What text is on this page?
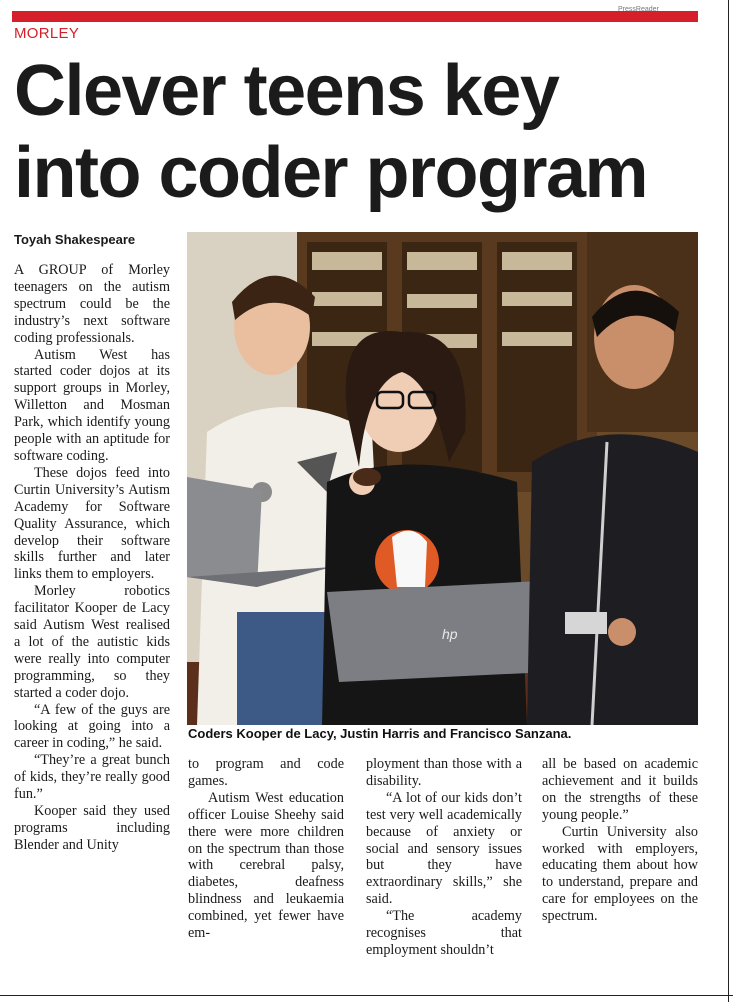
PressReader
MORLEY
Clever teens key
into coder program
Toyah Shakespeare

A GROUP of Morley teenagers on the autism spectrum could be the industry’s next software coding professionals.

Autism West has started coder dojos at its support groups in Morley, Willetton and Mosman Park, which identify young people with an aptitude for software coding.

These dojos feed into Curtin University’s Autism Academy for Software Quality Assurance, which develop their software skills further and later links them to employers.

Morley robotics facilitator Kooper de Lacy said Autism West realised a lot of the autistic kids were really into computer programming, so they started a coder dojo.

“A few of the guys are looking at going into a career in coding,” he said.

“They’re a great bunch of kids, they’re really good fun.”

Kooper said they used programs including Blender and Unity

hp
Coders Kooper de Lacy, Justin Harris and Francisco Sanzana.

to program and code games.

Autism West education officer Louise Sheehy said there were more children on the spectrum than those with cerebral palsy, diabetes, deafness blindness and leukaemia combined, yet fewer have em-

ployment than those with a disability.

“A lot of our kids don’t test very well academically because of anxiety or social and sensory issues but they have extraordinary skills,” she said.

“The academy recognises that employment shouldn’t

all be based on academic achievement and it builds on the strengths of these young people.”

Curtin University also worked with employers, educating them about how to understand, prepare and care for employees on the spectrum.
